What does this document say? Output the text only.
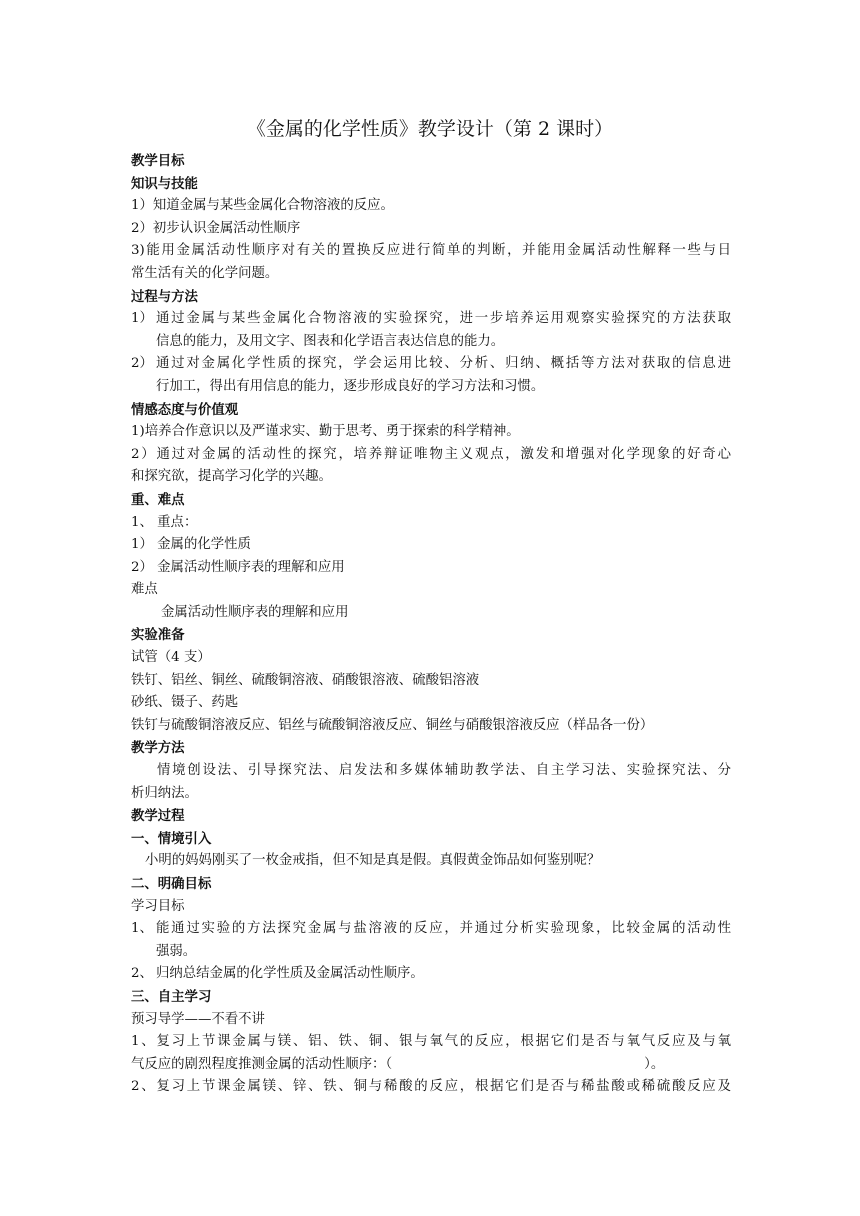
《金属的化学性质》教学设计（第 2 课时）
教学目标
知识与技能
1）知道金属与某些金属化合物溶液的反应。
2）初步认识金属活动性顺序
3)能用金属活动性顺序对有关的置换反应进行简单的判断，并能用金属活动性解释一些与日
常生活有关的化学问题。
过程与方法
1） 通过金属与某些金属化合物溶液的实验探究，进一步培养运用观察实验探究的方法获取
信息的能力，及用文字、图表和化学语言表达信息的能力。
2） 通过对金属化学性质的探究，学会运用比较、分析、归纳、概括等方法对获取的信息进
行加工，得出有用信息的能力，逐步形成良好的学习方法和习惯。
情感态度与价值观
1)培养合作意识以及严谨求实、勤于思考、勇于探索的科学精神。
2）通过对金属的活动性的探究，培养辩证唯物主义观点，激发和增强对化学现象的好奇心
和探究欲，提高学习化学的兴趣。
重、难点
1、 重点：
1） 金属的化学性质
2） 金属活动性顺序表的理解和应用
难点
金属活动性顺序表的理解和应用
实验准备
试管（4 支）
铁钉、铝丝、铜丝、硫酸铜溶液、硝酸银溶液、硫酸铝溶液
砂纸、镊子、药匙
铁钉与硫酸铜溶液反应、铝丝与硫酸铜溶液反应、铜丝与硝酸银溶液反应（样品各一份）
教学方法
情境创设法、引导探究法、启发法和多媒体辅助教学法、自主学习法、实验探究法、分
析归纳法。
教学过程
一、情境引入
小明的妈妈刚买了一枚金戒指，但不知是真是假。真假黄金饰品如何鉴别呢？
二、明确目标
学习目标
1、 能通过实验的方法探究金属与盐溶液的反应，并通过分析实验现象，比较金属的活动性
强弱。
2、 归纳总结金属的化学性质及金属活动性顺序。
三、自主学习
预习导学——不看不讲
1、复习上节课金属与镁、铝、铁、铜、银与氧气的反应，根据它们是否与氧气反应及与氧
气反应的剧烈程度推测金属的活动性顺序：（	）。
2、复习上节课金属镁、锌、铁、铜与稀酸的反应，根据它们是否与稀盐酸或稀硫酸反应及
